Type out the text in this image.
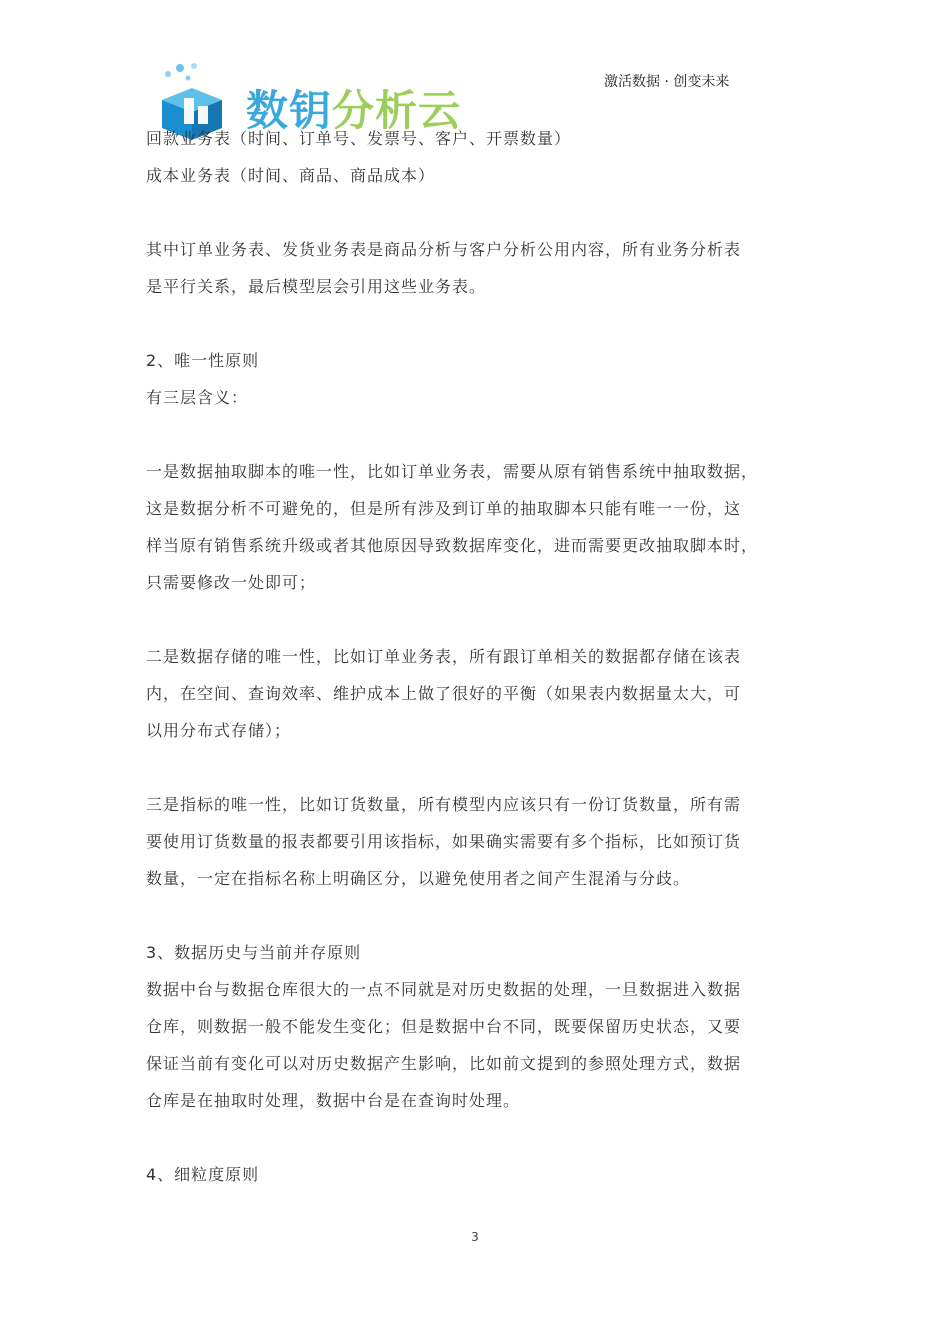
数钥分析云
激活数据 · 创变未来

回款业务表（时间、订单号、发票号、客户、开票数量）

成本业务表（时间、商品、商品成本）

其中订单业务表、发货业务表是商品分析与客户分析公用内容，所有业务分析表

是平行关系，最后模型层会引用这些业务表。

2、唯一性原则

有三层含义：

一是数据抽取脚本的唯一性，比如订单业务表，需要从原有销售系统中抽取数据，

这是数据分析不可避免的，但是所有涉及到订单的抽取脚本只能有唯一一份，这

样当原有销售系统升级或者其他原因导致数据库变化，进而需要更改抽取脚本时，

只需要修改一处即可；

二是数据存储的唯一性，比如订单业务表，所有跟订单相关的数据都存储在该表

内，在空间、查询效率、维护成本上做了很好的平衡（如果表内数据量太大，可

以用分布式存储）；

三是指标的唯一性，比如订货数量，所有模型内应该只有一份订货数量，所有需

要使用订货数量的报表都要引用该指标，如果确实需要有多个指标，比如预订货

数量，一定在指标名称上明确区分，以避免使用者之间产生混淆与分歧。

3、数据历史与当前并存原则

数据中台与数据仓库很大的一点不同就是对历史数据的处理，一旦数据进入数据

仓库，则数据一般不能发生变化；但是数据中台不同，既要保留历史状态，又要

保证当前有变化可以对历史数据产生影响，比如前文提到的参照处理方式，数据

仓库是在抽取时处理，数据中台是在查询时处理。

4、细粒度原则

3
